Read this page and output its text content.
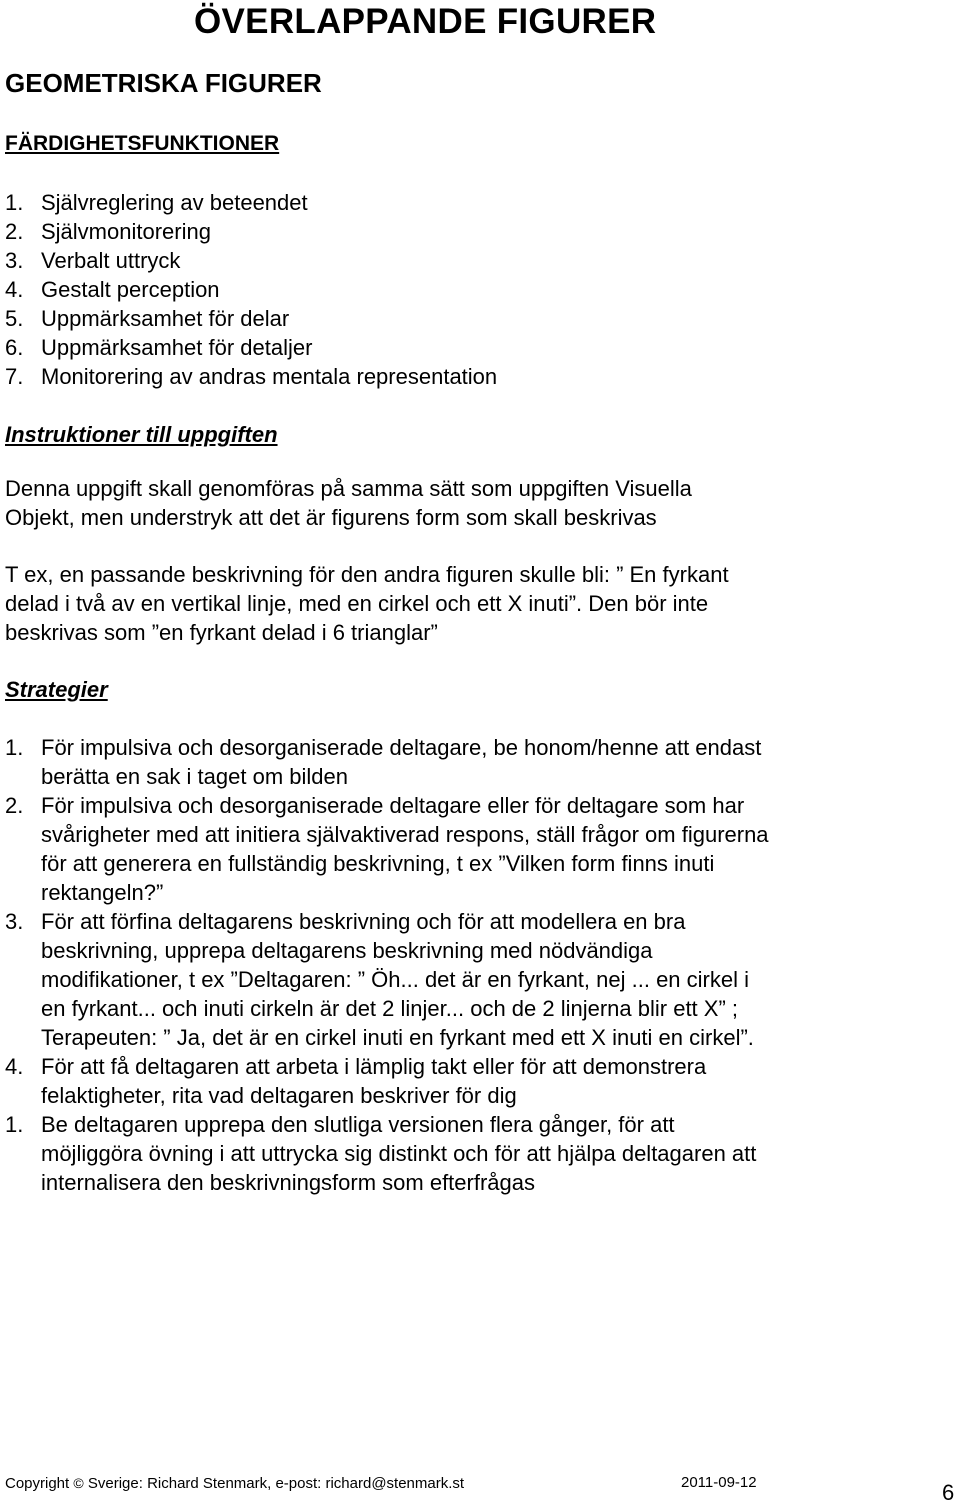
ÖVERLAPPANDE FIGURER
GEOMETRISKA FIGURER
FÄRDIGHETSFUNKTIONER
1. Självreglering av beteendet
2. Självmonitorering
3. Verbalt uttryck
4. Gestalt perception
5. Uppmärksamhet för delar
6. Uppmärksamhet för detaljer
7. Monitorering av andras mentala representation
Instruktioner till uppgiften
Denna uppgift skall genomföras på samma sätt som uppgiften Visuella
Objekt, men understryk att det är figurens form som skall beskrivas
T ex, en passande beskrivning för den andra figuren skulle bli: ” En fyrkant
delad i två av en vertikal linje, med en cirkel och ett X inuti”. Den bör inte
beskrivas som ”en fyrkant delad i 6 trianglar”
Strategier
1. För impulsiva och desorganiserade deltagare, be honom/henne att endast
berätta en sak i taget om bilden
2. För impulsiva och desorganiserade deltagare eller för deltagare som har
svårigheter med att initiera självaktiverad respons, ställ frågor om figurerna
för att generera en fullständig beskrivning, t ex ”Vilken form finns inuti
rektangeln?”
3. För att förfina deltagarens beskrivning och för att modellera en bra
beskrivning, upprepa deltagarens beskrivning med nödvändiga
modifikationer, t ex ”Deltagaren: ” Öh... det är en fyrkant, nej ... en cirkel i
en fyrkant... och inuti cirkeln är det 2 linjer... och de 2 linjerna blir ett X” ;
Terapeuten: ” Ja, det är en cirkel inuti en fyrkant med ett X inuti en cirkel”.
4. För att få deltagaren att arbeta i lämplig takt eller för att demonstrera
felaktigheter, rita vad deltagaren beskriver för dig
1. Be deltagaren upprepa den slutliga versionen flera gånger, för att
möjliggöra övning i att uttrycka sig distinkt och för att hjälpa deltagaren att
internalisera den beskrivningsform som efterfrågas
Copyright © Sverige: Richard Stenmark, e-post: richard@stenmark.st	2011-09-12	6
